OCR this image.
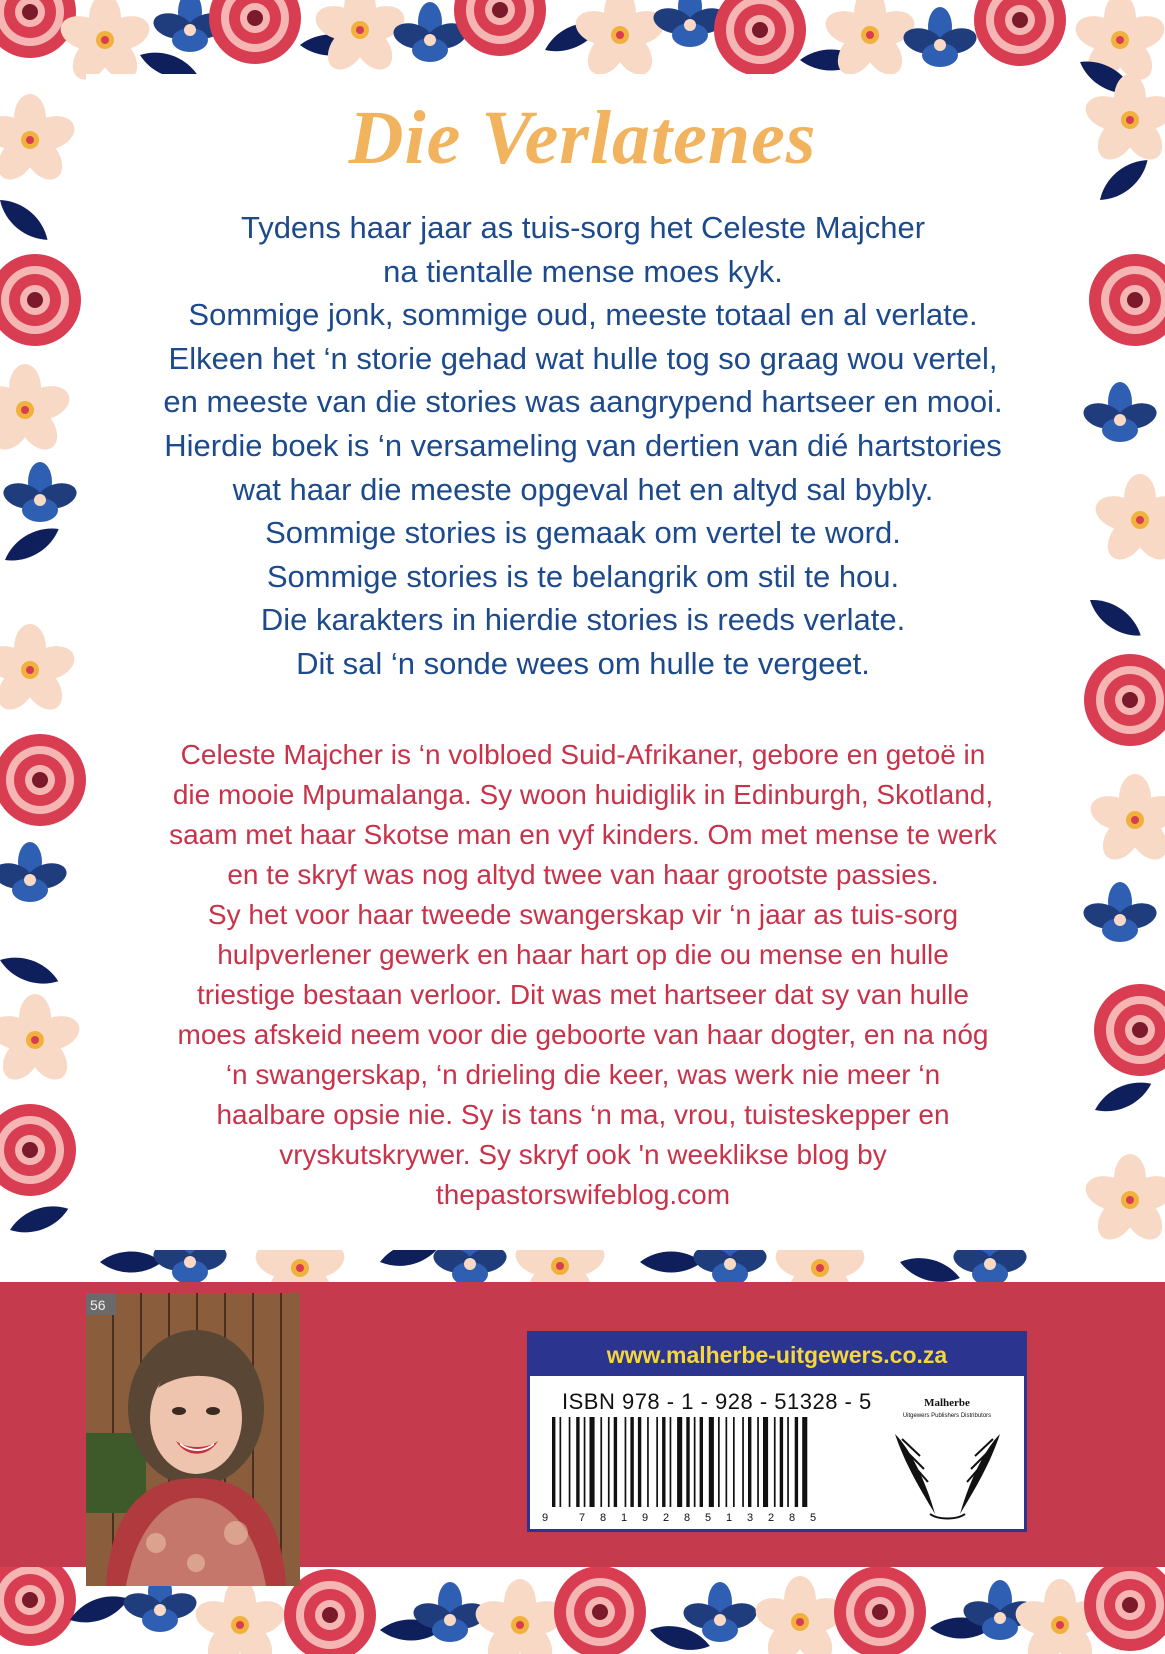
Die Verlatenes
Tydens haar jaar as tuis-sorg het Celeste Majcher
na tientalle mense moes kyk.
Sommige jonk, sommige oud, meeste totaal en al verlate.
Elkeen het ‘n storie gehad wat hulle tog so graag wou vertel,
en meeste van die stories was aangrypend hartseer en mooi.
Hierdie boek is ‘n versameling van dertien van dié hartstories
wat haar die meeste opgeval het en altyd sal bybly.
Sommige stories is gemaak om vertel te word.
Sommige stories is te belangrik om stil te hou.
Die karakters in hierdie stories is reeds verlate.
Dit sal ‘n sonde wees om hulle te vergeet.
Celeste Majcher is ‘n volbloed Suid-Afrikaner, gebore en getoë in
die mooie Mpumalanga. Sy woon huidiglik in Edinburgh, Skotland,
saam met haar Skotse man en vyf kinders. Om met mense te werk
en te skryf was nog altyd twee van haar grootste passies.
Sy het voor haar tweede swangerskap vir ‘n jaar as tuis-sorg
hulpverlener gewerk en haar hart op die ou mense en hulle
triestige bestaan verloor. Dit was met hartseer dat sy van hulle
moes afskeid neem voor die geboorte van haar dogter, en na nóg
‘n swangerskap, ‘n drieling die keer, was werk nie meer ‘n
haalbare opsie nie. Sy is tans ‘n ma, vrou, tuisteskepper en
vryskutskrywer. Sy skryf ook 'n weeklikse blog by
thepastorswifeblog.com
56
www.malherbe-uitgewers.co.za
ISBN 978 - 1 - 928 - 51328 - 5
9	7 8 1 9 2 8 5 1 3 2 8 5
Malherbe
Uitgewers Publishers Distributors
